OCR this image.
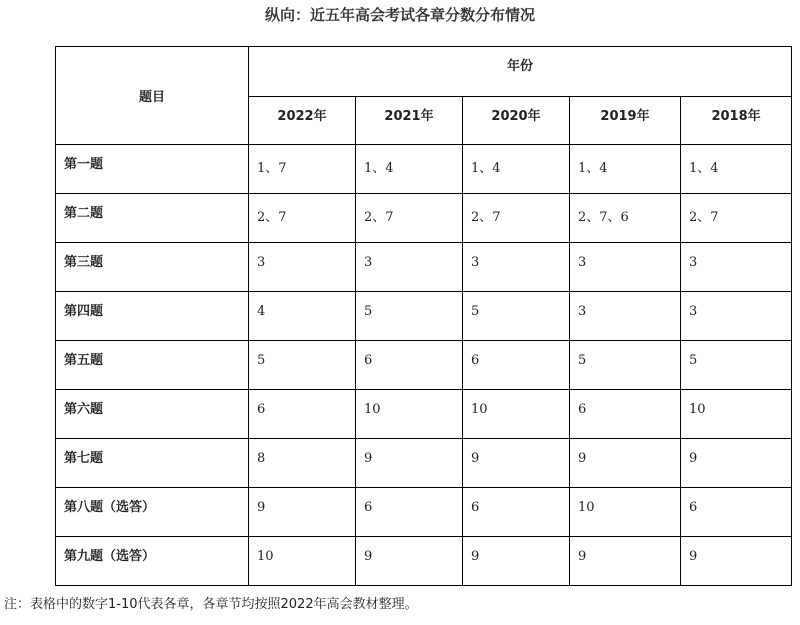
纵向：近五年高会考试各章分数分布情况
题目	年份				
	2022年	2021年	2020年	2019年	2018年
第一题	1、7	1、4	1、4	1、4	1、4
第二题	2、7	2、7	2、7	2、7、6	2、7
第三题	3	3	3	3	3
第四题	4	5	5	3	3
第五题	5	6	6	5	5
第六题	6	10	10	6	10
第七题	8	9	9	9	9
第八题（选答）	9	6	6	10	6
第九题（选答）	10	9	9	9	9
注：表格中的数字1-10代表各章，各章节均按照2022年高会教材整理。
